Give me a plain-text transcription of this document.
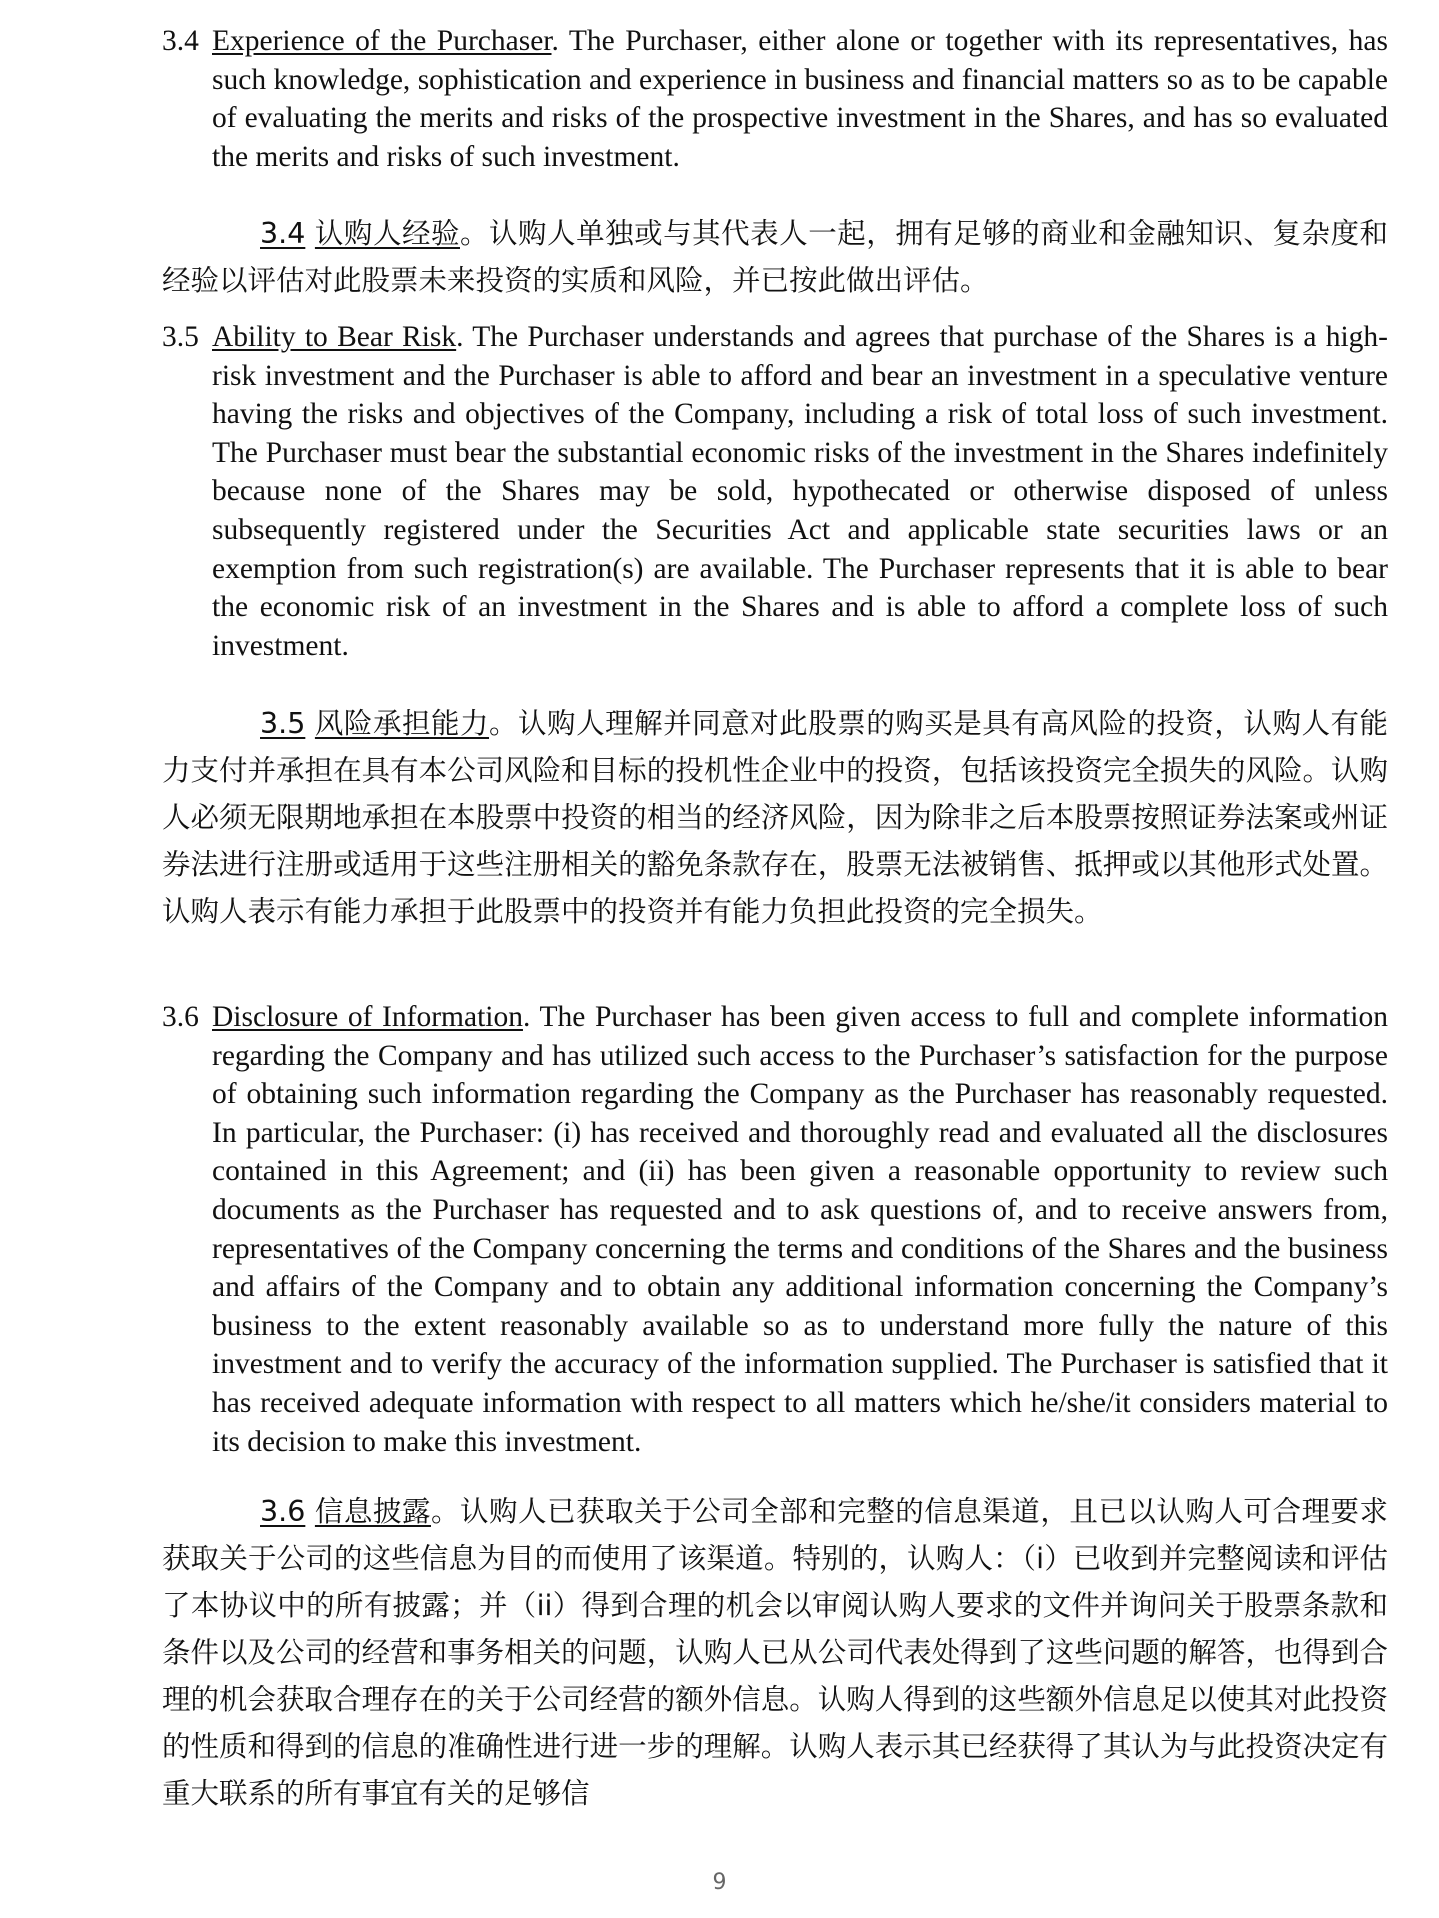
3.4 Experience of the Purchaser. The Purchaser, either alone or together with its representatives, has such knowledge, sophistication and experience in business and financial matters so as to be capable of evaluating the merits and risks of the prospective investment in the Shares, and has so evaluated the merits and risks of such investment.
3.4 认购人经验。认购人单独或与其代表人一起，拥有足够的商业和金融知识、复杂度和经验以评估对此股票未来投资的实质和风险，并已按此做出评估。
3.5 Ability to Bear Risk. The Purchaser understands and agrees that purchase of the Shares is a high-risk investment and the Purchaser is able to afford and bear an investment in a speculative venture having the risks and objectives of the Company, including a risk of total loss of such investment. The Purchaser must bear the substantial economic risks of the investment in the Shares indefinitely because none of the Shares may be sold, hypothecated or otherwise disposed of unless subsequently registered under the Securities Act and applicable state securities laws or an exemption from such registration(s) are available. The Purchaser represents that it is able to bear the economic risk of an investment in the Shares and is able to afford a complete loss of such investment.
3.5 风险承担能力。认购人理解并同意对此股票的购买是具有高风险的投资，认购人有能力支付并承担在具有本公司风险和目标的投机性企业中的投资，包括该投资完全损失的风险。认购人必须无限期地承担在本股票中投资的相当的经济风险，因为除非之后本股票按照证券法案或州证券法进行注册或适用于这些注册相关的豁免条款存在，股票无法被销售、抵押或以其他形式处置。认购人表示有能力承担于此股票中的投资并有能力负担此投资的完全损失。
3.6 Disclosure of Information. The Purchaser has been given access to full and complete information regarding the Company and has utilized such access to the Purchaser’s satisfaction for the purpose of obtaining such information regarding the Company as the Purchaser has reasonably requested. In particular, the Purchaser: (i) has received and thoroughly read and evaluated all the disclosures contained in this Agreement; and (ii) has been given a reasonable opportunity to review such documents as the Purchaser has requested and to ask questions of, and to receive answers from, representatives of the Company concerning the terms and conditions of the Shares and the business and affairs of the Company and to obtain any additional information concerning the Company’s business to the extent reasonably available so as to understand more fully the nature of this investment and to verify the accuracy of the information supplied. The Purchaser is satisfied that it has received adequate information with respect to all matters which he/she/it considers material to its decision to make this investment.
3.6 信息披露。认购人已获取关于公司全部和完整的信息渠道，且已以认购人可合理要求获取关于公司的这些信息为目的而使用了该渠道。特别的，认购人：（i）已收到并完整阅读和评估了本协议中的所有披露；并（ii）得到合理的机会以审阅认购人要求的文件并询问关于股票条款和条件以及公司的经营和事务相关的问题，认购人已从公司代表处得到了这些问题的解答，也得到合理的机会获取合理存在的关于公司经营的额外信息。认购人得到的这些额外信息足以使其对此投资的性质和得到的信息的准确性进行进一步的理解。认购人表示其已经获得了其认为与此投资决定有重大联系的所有事宜有关的足够信
9
